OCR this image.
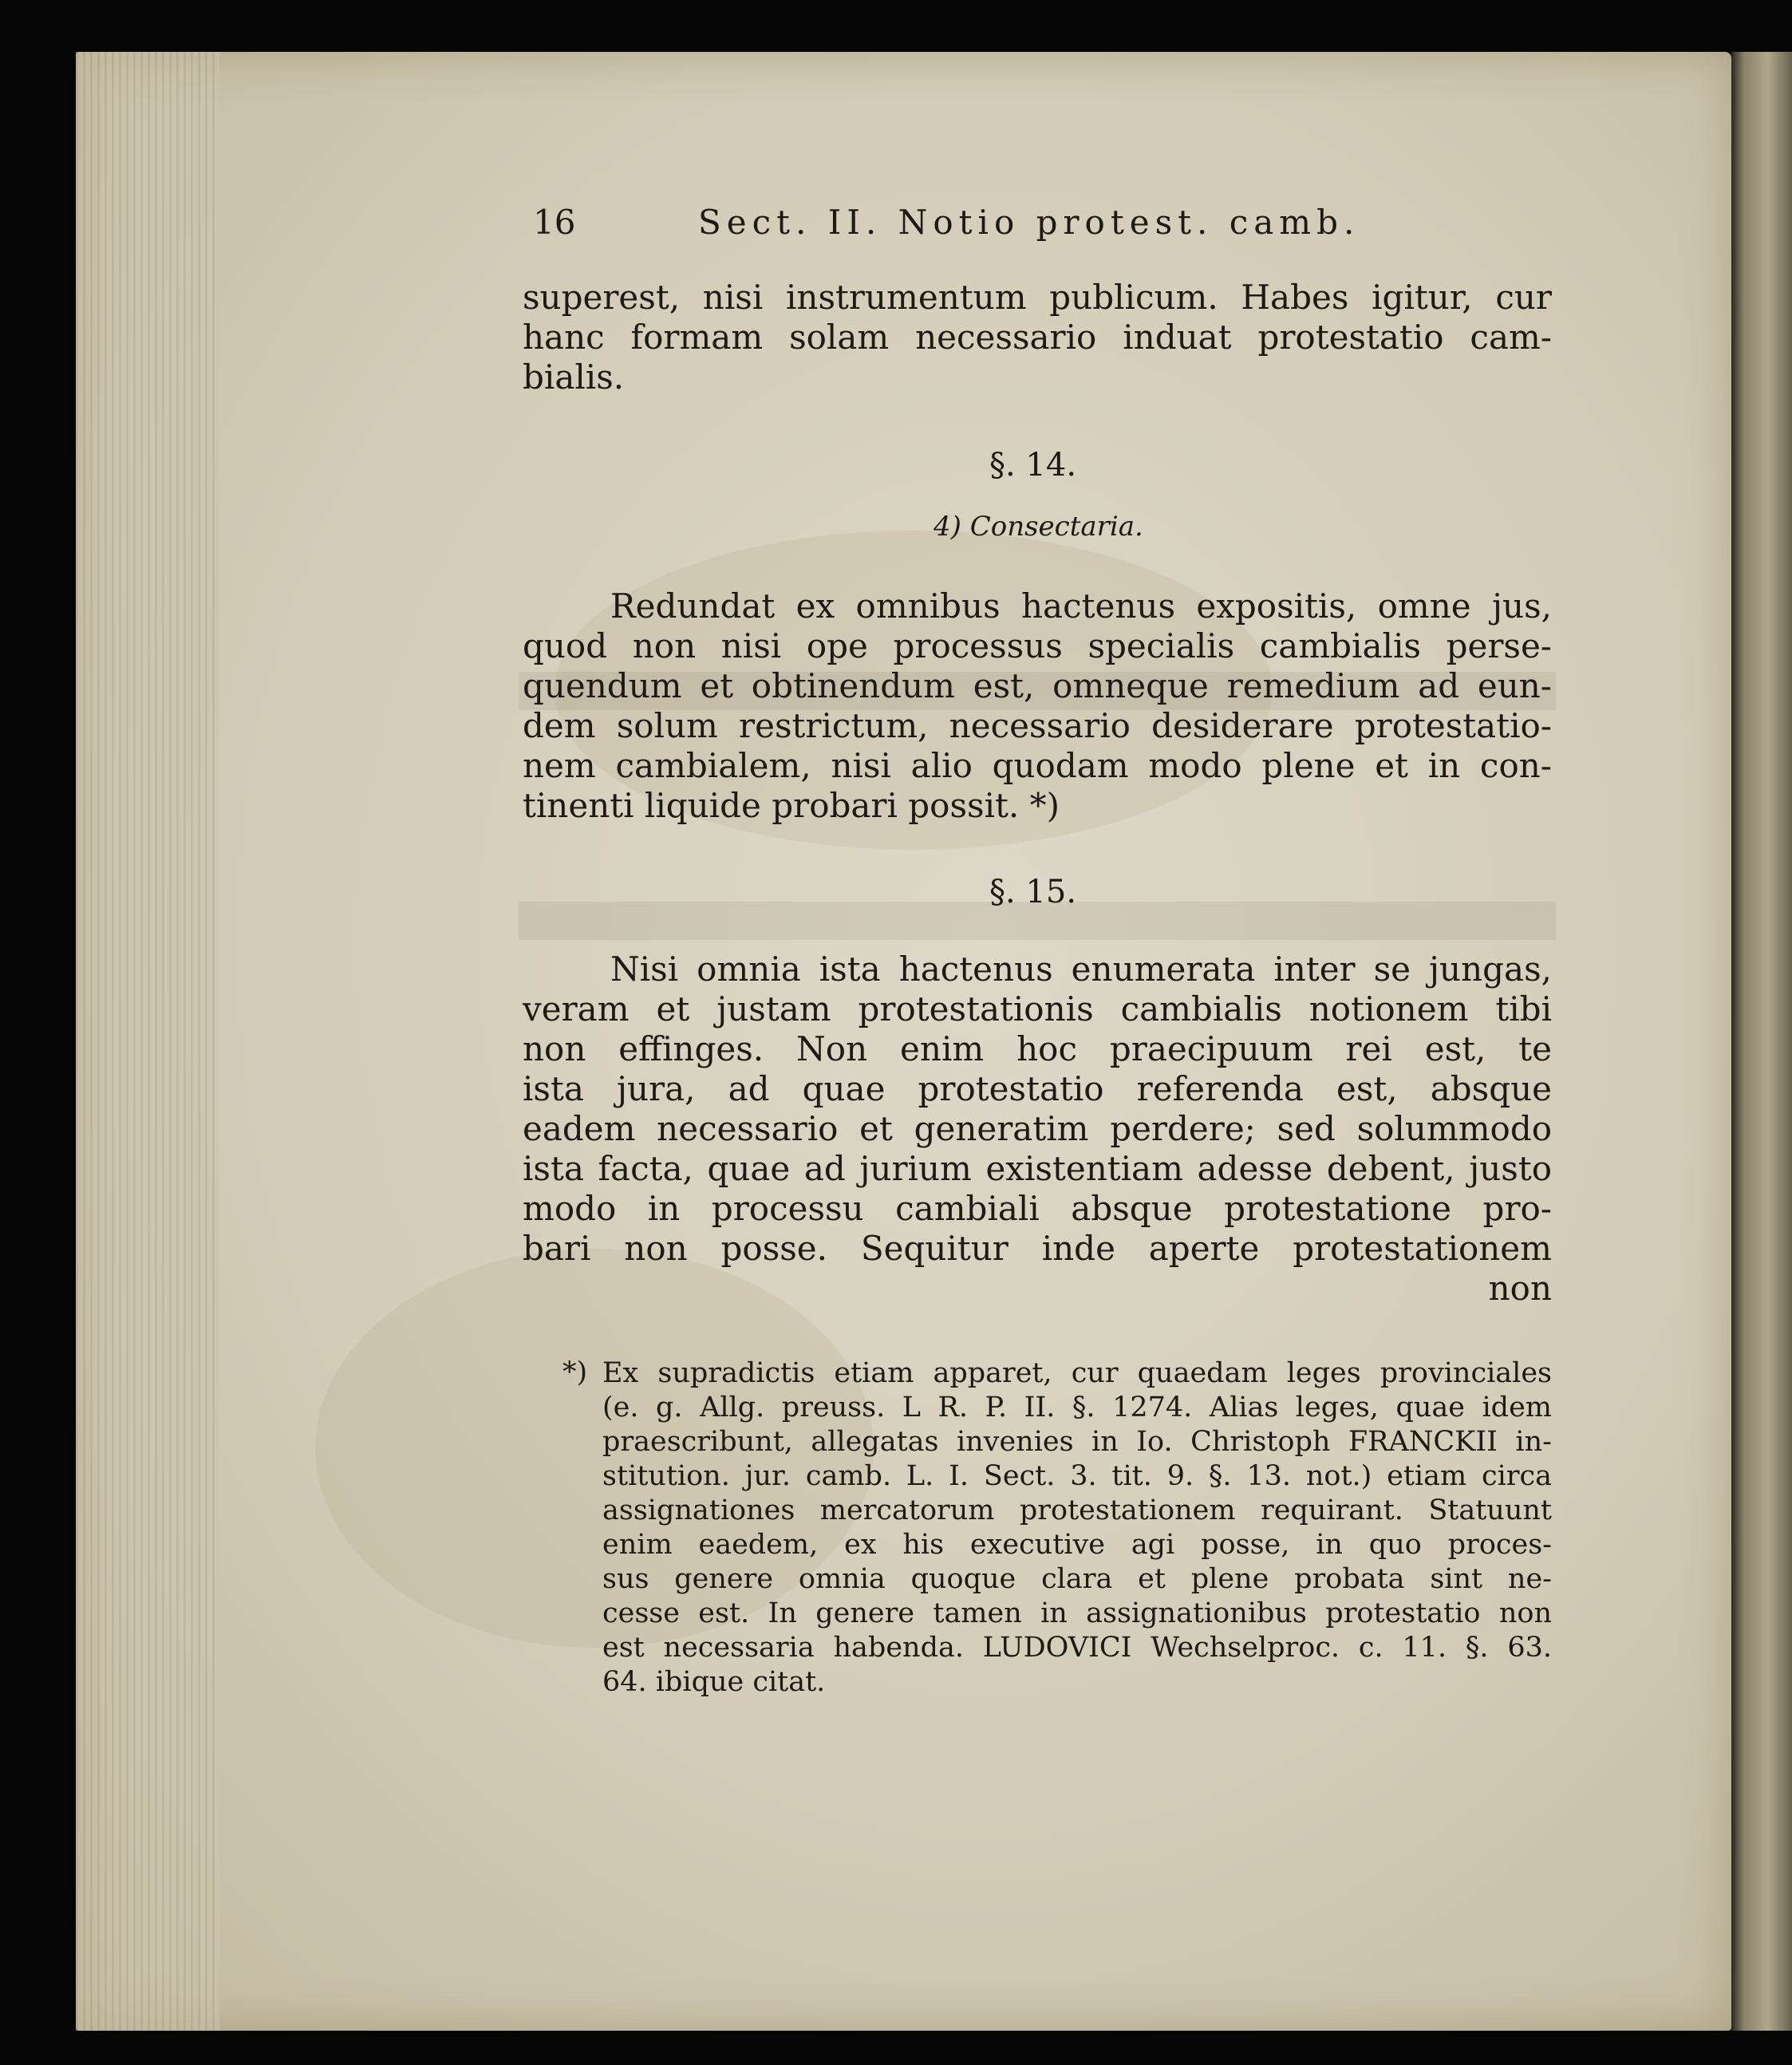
16	Sect. II. Notio protest. camb.
superest, nisi instrumentum publicum. Habes igitur, cur
hanc formam solam necessario induat protestatio cam-
bialis.
§. 14.
4) Consectaria.
Redundat ex omnibus hactenus expositis, omne jus,
quod non nisi ope processus specialis cambialis perse-
quendum et obtinendum est, omneque remedium ad eun-
dem solum restrictum, necessario desiderare protestatio-
nem cambialem, nisi alio quodam modo plene et in con-
tinenti liquide probari possit. *)
§. 15.
Nisi omnia ista hactenus enumerata inter se jungas,
veram et justam protestationis cambialis notionem tibi
non effinges. Non enim hoc praecipuum rei est, te
ista jura, ad quae protestatio referenda est, absque
eadem necessario et generatim perdere; sed solummodo
ista facta, quae ad jurium existentiam adesse debent, justo
modo in processu cambiali absque protestatione pro-
bari non posse. Sequitur inde aperte protestationem
non
*) Ex supradictis etiam apparet, cur quaedam leges provinciales
(e. g. Allg. preuss. L R. P. II. §. 1274. Alias leges, quae idem
praescribunt, allegatas invenies in Io. Christoph FRANCKII in-
stitution. jur. camb. L. I. Sect. 3. tit. 9. §. 13. not.) etiam circa
assignationes mercatorum protestationem requirant. Statuunt
enim eaedem, ex his executive agi posse, in quo proces-
sus genere omnia quoque clara et plene probata sint ne-
cesse est. In genere tamen in assignationibus protestatio non
est necessaria habenda. LUDOVICI Wechselproc. c. 11. §. 63.
64. ibique citat.
